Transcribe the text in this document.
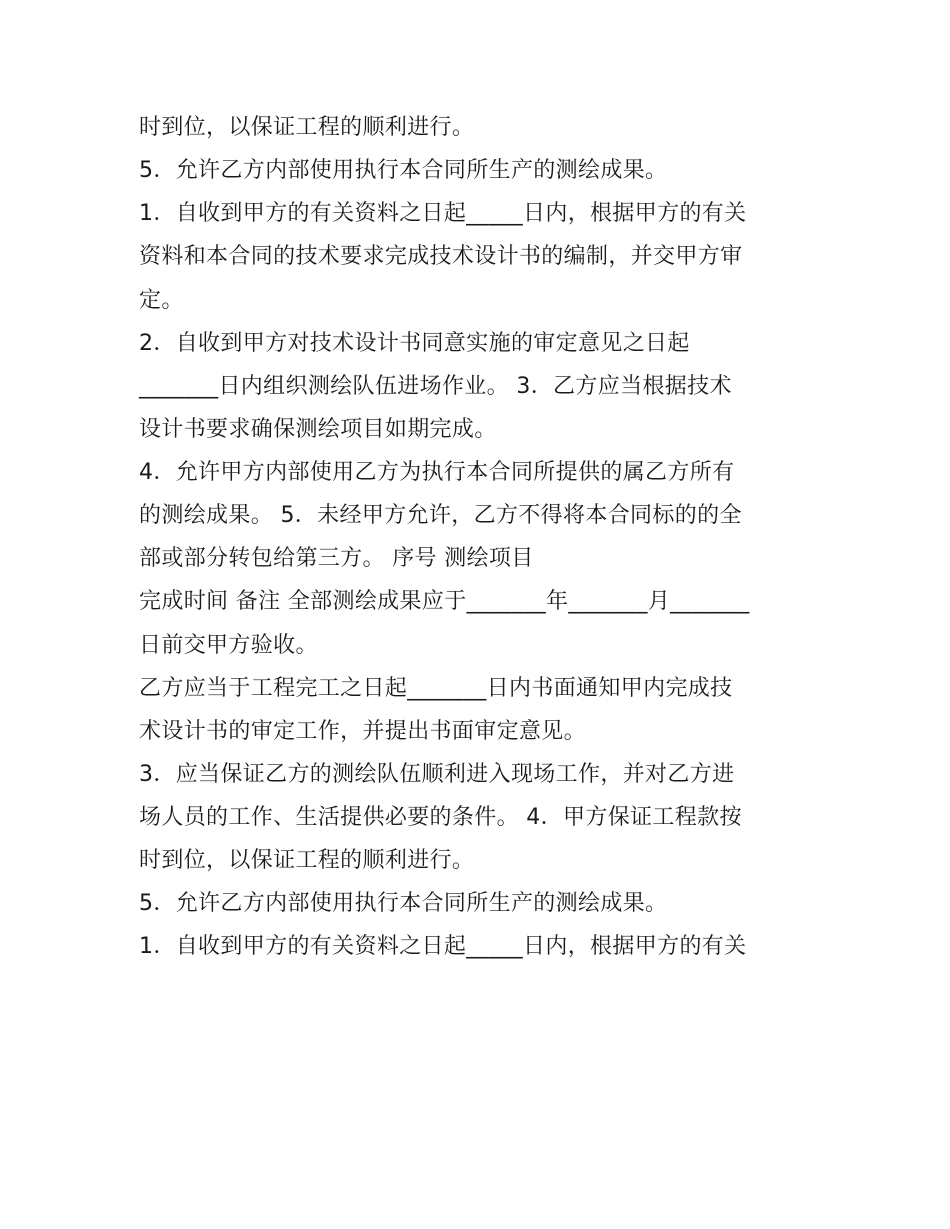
时到位，以保证工程的顺利进行。
5．允许乙方内部使用执行本合同所生产的测绘成果。
1．自收到甲方的有关资料之日起_____日内，根据甲方的有关
资料和本合同的技术要求完成技术设计书的编制，并交甲方审
定。
2．自收到甲方对技术设计书同意实施的审定意见之日起
_______日内组织测绘队伍进场作业。 3．乙方应当根据技术
设计书要求确保测绘项目如期完成。
4．允许甲方内部使用乙方为执行本合同所提供的属乙方所有
的测绘成果。 5．未经甲方允许，乙方不得将本合同标的的全
部或部分转包给第三方。 序号 测绘项目
完成时间 备注 全部测绘成果应于_______年_______月_______
日前交甲方验收。
乙方应当于工程完工之日起_______日内书面通知甲内完成技
术设计书的审定工作，并提出书面审定意见。
3．应当保证乙方的测绘队伍顺利进入现场工作，并对乙方进
场人员的工作、生活提供必要的条件。 4．甲方保证工程款按
时到位，以保证工程的顺利进行。
5．允许乙方内部使用执行本合同所生产的测绘成果。
1．自收到甲方的有关资料之日起_____日内，根据甲方的有关
